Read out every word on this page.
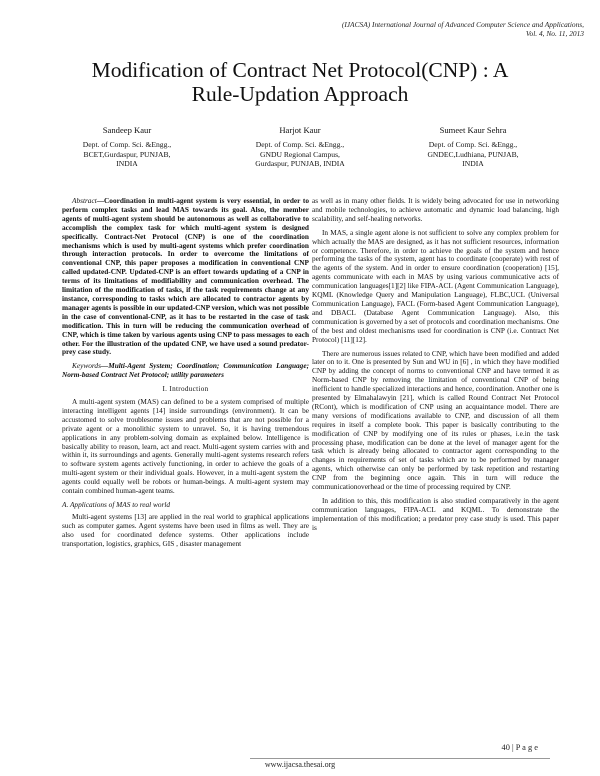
(IJACSA) International Journal of Advanced Computer Science and Applications,
Vol. 4, No. 11, 2013
Modification of Contract Net Protocol(CNP) : A
Rule-Updation Approach
Sandeep Kaur
Dept. of Comp. Sci. &Engg.,
BCET,Gurdaspur, PUNJAB,
INDIA
Harjot Kaur
Dept. of Comp. Sci. &Engg.,
GNDU Regional Campus,
Gurdaspur, PUNJAB, INDIA
Sumeet Kaur Sehra
Dept. of Comp. Sci. &Engg.,
GNDEC,Ludhiana, PUNJAB,
INDIA

Abstract—Coordination in multi-agent system is very essential, in order to perform complex tasks and lead MAS towards its goal. Also, the member agents of multi-agent system should be autonomous as well as collaborative to accomplish the complex task for which multi-agent system is designed specifically. Contract-Net Protocol (CNP) is one of the coordination mechanisms which is used by multi-agent systems which prefer coordination through interaction protocols. In order to overcome the limitations of conventional CNP, this paper proposes a modification in conventional CNP called updated-CNP. Updated-CNP is an effort towards updating of a CNP in terms of its limitations of modifiability and communication overhead. The limitation of the modification of tasks, if the task requirements change at any instance, corresponding to tasks which are allocated to contractor agents by manager agents is possible in our updated-CNP version, which was not possible in the case of conventional-CNP, as it has to be restarted in the case of task modification. This in turn will be reducing the communication overhead of CNP, which is time taken by various agents using CNP to pass messages to each other. For the illustration of the updated CNP, we have used a sound predator-prey case study.

Keywords—Multi-Agent System; Coordination; Communication Language; Norm-based Contract Net Protocol; utility parameters

I. Introduction

A multi-agent system (MAS) can defined to be a system comprised of multiple interacting intelligent agents [14] inside surroundings (environment). It can be accustomed to solve troublesome issues and problems that are not possible for a private agent or a monolithic system to unravel. So, it is having tremendous applications in any problem-solving domain as explained below. Intelligence is basically ability to reason, learn, act and react. Multi-agent system carries with and within it, its surroundings and agents. Generally multi-agent systems research refers to software system agents actively functioning, in order to achieve the goals of a multi-agent system or their individual goals. However, in a multi-agent system the agents could equally well be robots or human-beings. A multi-agent system may contain combined human-agent teams.

A. Applications of MAS to real world

Multi-agent systems [13] are applied in the real world to graphical applications such as computer games. Agent systems have been used in films as well. They are also used for coordinated defence systems. Other applications include transportation, logistics, graphics, GIS , disaster management

as well as in many other fields. It is widely being advocated for use in networking and mobile technologies, to achieve automatic and dynamic load balancing, high scalability, and self-healing networks.

In MAS, a single agent alone is not sufficient to solve any complex problem for which actually the MAS are designed, as it has not sufficient resources, information or competence. Therefore, in order to achieve the goals of the system and hence performing the tasks of the system, agent has to coordinate (cooperate) with rest of the agents of the system. And in order to ensure coordination (cooperation) [15], agents communicate with each in MAS by using various communicative acts of communication languages[1][2] like FIPA-ACL (Agent Communication Language), KQML (Knowledge Query and Manipulation Language), FLBC,UCL (Universal Communication Language), FACL (Form-based Agent Communication Language), and DBACL (Database Agent Communication Language). Also, this communication is governed by a set of protocols and coordination mechanisms. One of the best and oldest mechanisms used for coordination is CNP (i.e. Contract Net Protocol) [11][12].

There are numerous issues related to CNP, which have been modified and added later on to it. One is presented by Sun and WU in [6] , in which they have modified CNP by adding the concept of norms to conventional CNP and have termed it as Norm-based CNP by removing the limitation of conventional CNP of being inefficient to handle specialized interactions and hence, coordination. Another one is presented by Elmahalawyin [21], which is called Round Contract Net Protocol (RCont), which is modification of CNP using an acquaintance model. There are many versions of modifications available to CNP, and discussion of all them requires in itself a complete book. This paper is basically contributing to the modification of CNP by modifying one of its rules or phases, i.e.in the task processing phase, modification can be done at the level of manager agent for the task which is already being allocated to contractor agent corresponding to the changes in requirements of set of tasks which are to be performed by manager agents, which otherwise can only be performed by task repetition and restarting CNP from the beginning once again. This in turn will reduce the communicationoverhead or the time of processing required by CNP.

In addition to this, this modification is also studied comparatively in the agent communication languages, FIPA-ACL and KQML. To demonstrate the implementation of this modification; a predator prey case study is used. This paper is

40 | P a g e
www.ijacsa.thesai.org
